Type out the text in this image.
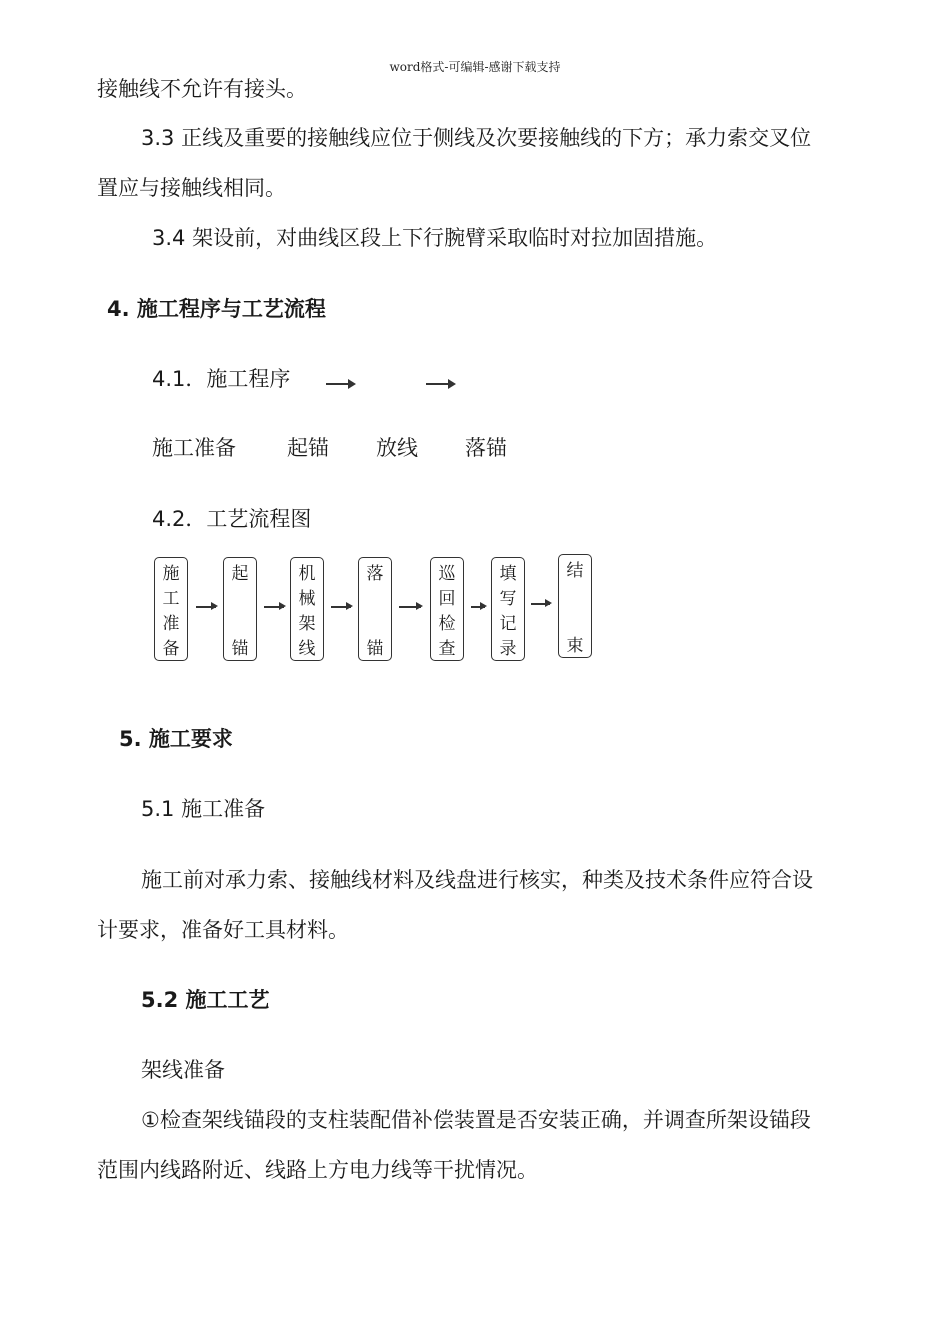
word格式-可编辑-感谢下载支持
接触线不允许有接头。
3.3 正线及重要的接触线应位于侧线及次要接触线的下方；承力索交叉位
置应与接触线相同。
3.4 架设前，对曲线区段上下行腕臂采取临时对拉加固措施。
4. 施工程序与工艺流程
4.1．施工程序
施工准备 起锚 放线 落锚
4.2．工艺流程图
施
工
准
备
起
锚
机
械
架
线
落
锚
巡
回
检
查
填
写
记
录
结
束
5. 施工要求
5.1 施工准备
施工前对承力索、接触线材料及线盘进行核实，种类及技术条件应符合设
计要求，准备好工具材料。
5.2 施工工艺
架线准备
①检查架线锚段的支柱装配借补偿装置是否安装正确，并调查所架设锚段
范围内线路附近、线路上方电力线等干扰情况。
